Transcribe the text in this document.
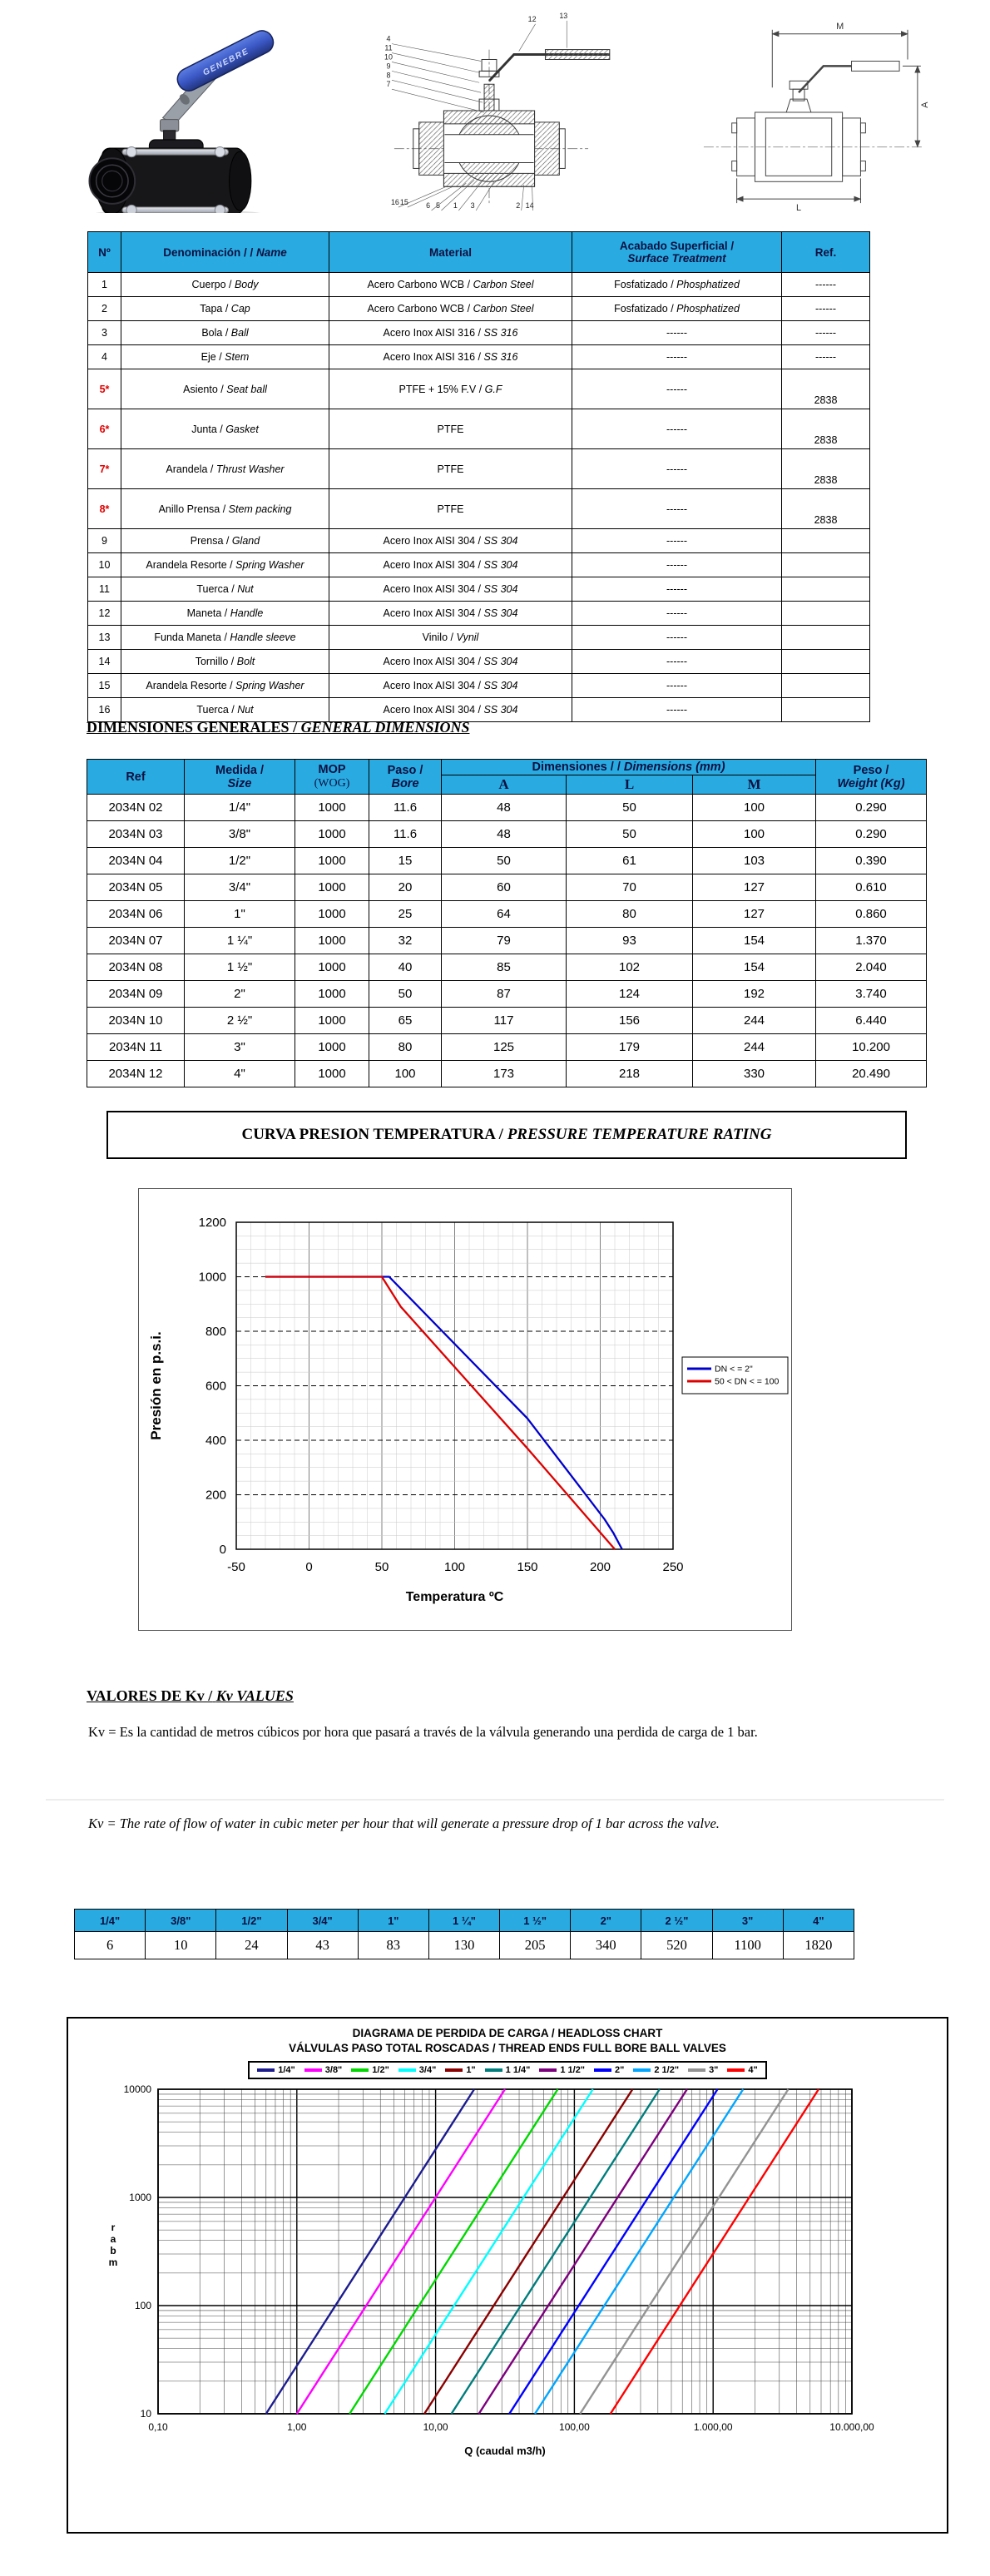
GENEBRE
12	13
4
11
10
9
8
7
16 15 6 5 1 3	2 14
M
A
L
Nº	Denominación / / Name	Material	Acabado Superficial /
Surface Treatment	Ref.
1	Cuerpo / Body	Acero Carbono WCB / Carbon Steel	Fosfatizado / Phosphatized	------
2	Tapa / Cap	Acero Carbono WCB / Carbon Steel	Fosfatizado / Phosphatized	------
3	Bola / Ball	Acero Inox AISI 316 / SS 316	------	------
4	Eje / Stem	Acero Inox AISI 316 / SS 316	------	------
5*	Asiento / Seat ball	PTFE + 15% F.V / G.F	------	2838
6*	Junta / Gasket	PTFE	------	2838
7*	Arandela / Thrust Washer	PTFE	------	2838
8*	Anillo Prensa / Stem packing	PTFE	------	2838
9	Prensa / Gland	Acero Inox AISI 304 / SS 304	------	
10	Arandela Resorte / Spring Washer	Acero Inox AISI 304 / SS 304	------	
11	Tuerca / Nut	Acero Inox AISI 304 / SS 304	------	
12	Maneta / Handle	Acero Inox AISI 304 / SS 304	------	
13	Funda Maneta / Handle sleeve	Vinilo / Vynil	------	
14	Tornillo / Bolt	Acero Inox AISI 304 / SS 304	------	
15	Arandela Resorte / Spring Washer	Acero Inox AISI 304 / SS 304	------	
16	Tuerca / Nut	Acero Inox AISI 304 / SS 304	------	
DIMENSIONES GENERALES / GENERAL DIMENSIONS
Ref	Medida /
Size	MOP
(WOG)	Paso /
Bore	Dimensiones / / Dimensions (mm)			Peso /
Weight (Kg)
				A	L	M	
2034N 02	1/4"	1000	11.6	48	50	100	0.290
2034N 03	3/8"	1000	11.6	48	50	100	0.290
2034N 04	1/2"	1000	15	50	61	103	0.390
2034N 05	3/4"	1000	20	60	70	127	0.610
2034N 06	1"	1000	25	64	80	127	0.860
2034N 07	1 ¼"	1000	32	79	93	154	1.370
2034N 08	1 ½"	1000	40	85	102	154	2.040
2034N 09	2"	1000	50	87	124	192	3.740
2034N 10	2 ½"	1000	65	117	156	244	6.440
2034N 11	3"	1000	80	125	179	244	10.200
2034N 12	4"	1000	100	173	218	330	20.490
CURVA PRESION TEMPERATURA /
PRESSURE TEMPERATURE RATING
0
200
400
600
800
1000
1200
-50	0	50	100	150	200	250
Presión en p.s.i.
Temperatura ºC
DN < = 2"
50 < DN < = 100
VALORES DE Kv / Kv VALUES
Kv = Es la cantidad de metros cúbicos por hora que pasará a través de la válvula generando una perdida de carga de 1 bar.
Kv = The rate of flow of water in cubic meter per hour that will generate a pressure drop of 1 bar across the valve.
1/4"	3/8"	1/2"	3/4"	1"	1 ¼"	1 ½"	2"	2 ½"	3"	4"
6	10	24	43	83	130	205	340	520	1100	1820
DIAGRAMA DE PERDIDA DE CARGA / HEADLOSS CHART
VÁLVULAS PASO TOTAL ROSCADAS / THREAD ENDS FULL BORE BALL VALVES
1/4"	3/8"	1/2"	3/4"	1"	1 1/4"	1 1/2"	2"	2 1/2"	3"	4"
10
100
1000
10000
0,10	1,00	10,00	100,00	1.000,00	10.000,00
r
a
b
m
Q (caudal m3/h)
